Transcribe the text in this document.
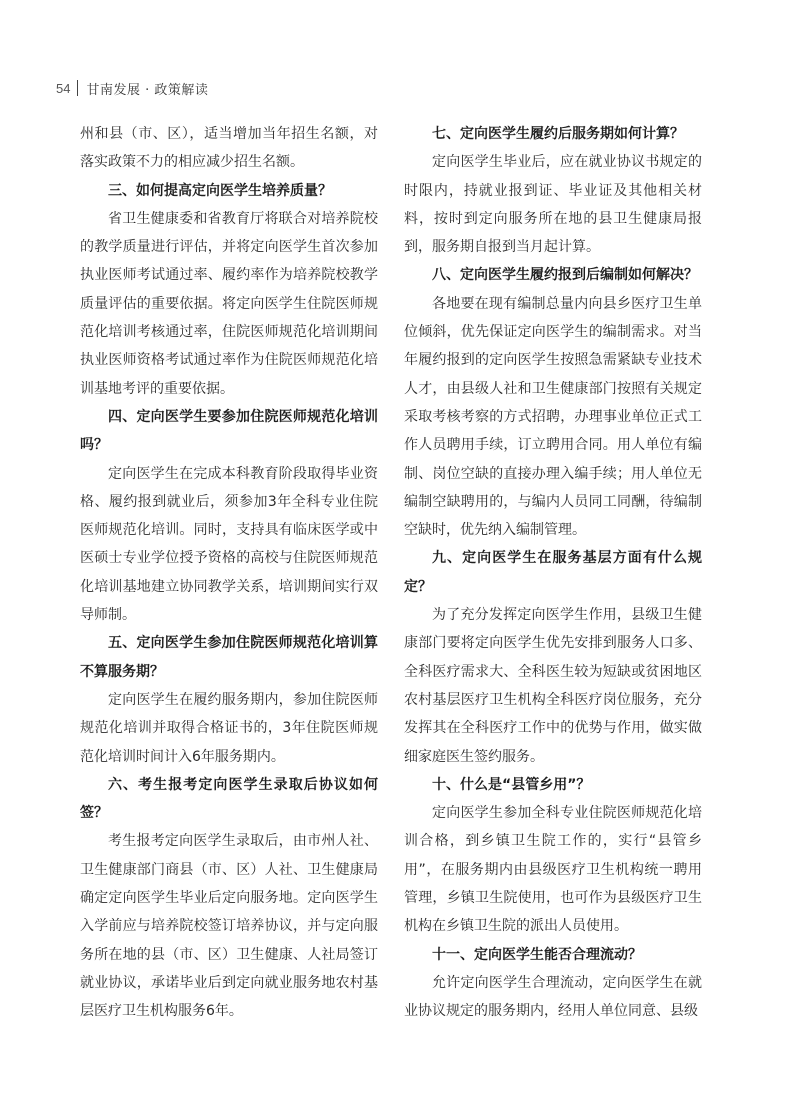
54 甘南发展 · 政策解读

州和县（市、区），适当增加当年招生名额，对落实政策不力的相应减少招生名额。

三、如何提高定向医学生培养质量？

省卫生健康委和省教育厅将联合对培养院校的教学质量进行评估，并将定向医学生首次参加执业医师考试通过率、履约率作为培养院校教学质量评估的重要依据。将定向医学生住院医师规范化培训考核通过率，住院医师规范化培训期间执业医师资格考试通过率作为住院医师规范化培训基地考评的重要依据。

四、定向医学生要参加住院医师规范化培训吗？

定向医学生在完成本科教育阶段取得毕业资格、履约报到就业后，须参加3年全科专业住院医师规范化培训。同时，支持具有临床医学或中医硕士专业学位授予资格的高校与住院医师规范化培训基地建立协同教学关系，培训期间实行双导师制。

五、定向医学生参加住院医师规范化培训算不算服务期？

定向医学生在履约服务期内，参加住院医师规范化培训并取得合格证书的，3年住院医师规范化培训时间计入6年服务期内。

六、考生报考定向医学生录取后协议如何签？

考生报考定向医学生录取后，由市州人社、卫生健康部门商县（市、区）人社、卫生健康局确定定向医学生毕业后定向服务地。定向医学生入学前应与培养院校签订培养协议，并与定向服务所在地的县（市、区）卫生健康、人社局签订就业协议，承诺毕业后到定向就业服务地农村基层医疗卫生机构服务6年。

七、定向医学生履约后服务期如何计算？

定向医学生毕业后，应在就业协议书规定的时限内，持就业报到证、毕业证及其他相关材料，按时到定向服务所在地的县卫生健康局报到，服务期自报到当月起计算。

八、定向医学生履约报到后编制如何解决？

各地要在现有编制总量内向县乡医疗卫生单位倾斜，优先保证定向医学生的编制需求。对当年履约报到的定向医学生按照急需紧缺专业技术人才，由县级人社和卫生健康部门按照有关规定采取考核考察的方式招聘，办理事业单位正式工作人员聘用手续，订立聘用合同。用人单位有编制、岗位空缺的直接办理入编手续；用人单位无编制空缺聘用的，与编内人员同工同酬，待编制空缺时，优先纳入编制管理。

九、定向医学生在服务基层方面有什么规定？

为了充分发挥定向医学生作用，县级卫生健康部门要将定向医学生优先安排到服务人口多、全科医疗需求大、全科医生较为短缺或贫困地区农村基层医疗卫生机构全科医疗岗位服务，充分发挥其在全科医疗工作中的优势与作用，做实做细家庭医生签约服务。

十、什么是“县管乡用”？

定向医学生参加全科专业住院医师规范化培训合格，到乡镇卫生院工作的，实行“县管乡用”，在服务期内由县级医疗卫生机构统一聘用管理，乡镇卫生院使用，也可作为县级医疗卫生机构在乡镇卫生院的派出人员使用。

十一、定向医学生能否合理流动？

允许定向医学生合理流动，定向医学生在就业协议规定的服务期内，经用人单位同意、县级
